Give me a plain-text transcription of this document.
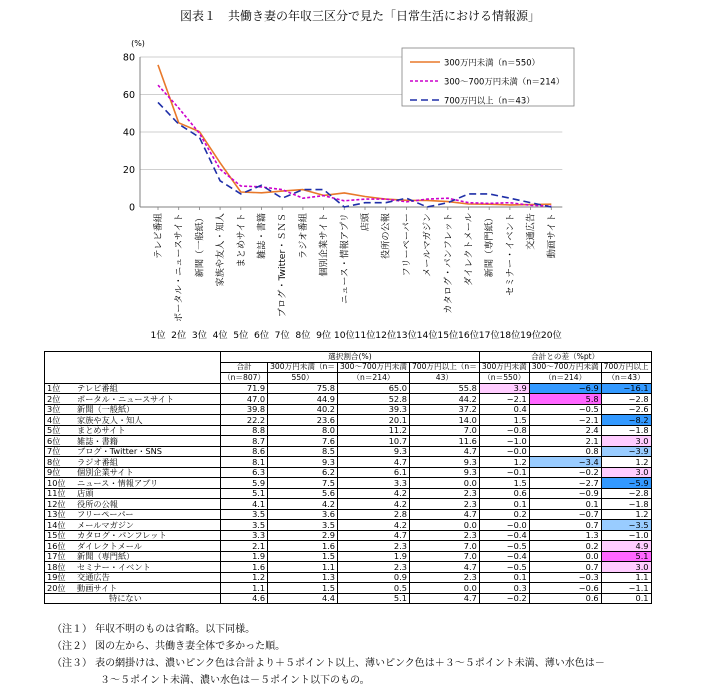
図表１　共働き妻の年収三区分で見た「日常生活における情報源」
0
20
40
60
80
(%)
テレビ番組 ポータル・ニュースサイト 新聞（一般紙） 家族や友人・知人 まとめサイト 雑誌・書籍 ブログ・Twitter・ＳＮＳ ラジオ番組 個別企業サイト ニュース・情報アプリ 店頭 役所の公報 フリーペーパー メールマガジン カタログ・パンフレット ダイレクトメール 新聞（専門紙） セミナー・イベント 交通広告 動画サイト
1位 2位 3位 4位 5位 6位 7位 8位 9位 10位 11位 12位 13位 14位 15位 16位 17位 18位 19位 20位
300万円未満（n＝550）
300～700万円未満（n＝214）
700万円以上（n＝43）
		選択割合(%)				合計との差（%pt）		
		合計	300万円未満（n＝	300～700万円未満	700万円以上（n＝	300万円未満	300～700万円未満	700万円以上
		（n＝807）	550）	（n＝214）	43）	（n＝550）	（n＝214）	（n＝43）
1位	テレビ番組	71.9	75.8	65.0	55.8	3.9	−6.9	−16.1
2位	ポータル・ニュースサイト	47.0	44.9	52.8	44.2	−2.1	5.8	−2.8
3位	新聞（一般紙）	39.8	40.2	39.3	37.2	0.4	−0.5	−2.6
4位	家族や友人・知人	22.2	23.6	20.1	14.0	1.5	−2.1	−8.2
5位	まとめサイト	8.8	8.0	11.2	7.0	−0.8	2.4	−1.8
6位	雑誌・書籍	8.7	7.6	10.7	11.6	−1.0	2.1	3.0
7位	ブログ・Twitter・SNS	8.6	8.5	9.3	4.7	−0.0	0.8	−3.9
8位	ラジオ番組	8.1	9.3	4.7	9.3	1.2	−3.4	1.2
9位	個別企業サイト	6.3	6.2	6.1	9.3	−0.1	−0.2	3.0
10位	ニュース・情報アプリ	5.9	7.5	3.3	0.0	1.5	−2.7	−5.9
11位	店頭	5.1	5.6	4.2	2.3	0.6	−0.9	−2.8
12位	役所の公報	4.1	4.2	4.2	2.3	0.1	0.1	−1.8
13位	フリーペーパー	3.5	3.6	2.8	4.7	0.2	−0.7	1.2
14位	メールマガジン	3.5	3.5	4.2	0.0	−0.0	0.7	−3.5
15位	カタログ・パンフレット	3.3	2.9	4.7	2.3	−0.4	1.3	−1.0
16位	ダイレクトメール	2.1	1.6	2.3	7.0	−0.5	0.2	4.9
17位	新聞（専門紙）	1.9	1.5	1.9	7.0	−0.4	0.0	5.1
18位	セミナー・イベント	1.6	1.1	2.3	4.7	−0.5	0.7	3.0
19位	交通広告	1.2	1.3	0.9	2.3	0.1	−0.3	1.1
20位	動画サイト	1.1	1.5	0.5	0.0	0.3	−0.6	−1.1
	特にない	4.6	4.4	5.1	4.7	−0.2	0.6	0.1
（注１） 年収不明のものは省略。以下同様。
（注２） 図の左から、共働き妻全体で多かった順。
（注３） 表の網掛けは、濃いピンク色は合計より＋５ポイント以上、薄いピンク色は＋３～５ポイント未満、薄い水色は－
３～５ポイント未満、濃い水色は－５ポイント以下のもの。
